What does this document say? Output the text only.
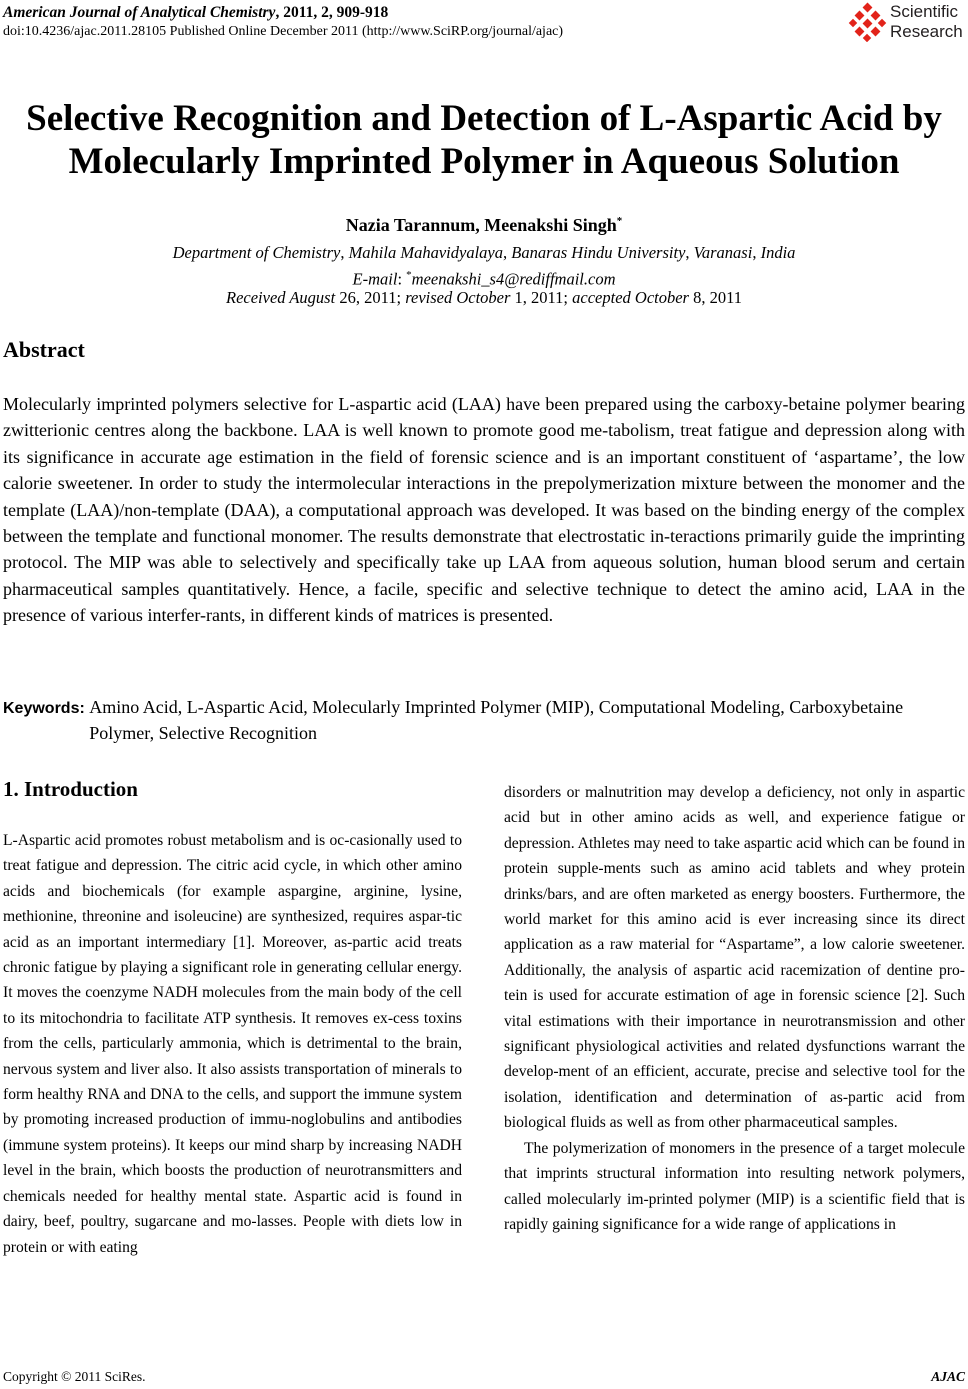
American Journal of Analytical Chemistry, 2011, 2, 909-918
doi:10.4236/ajac.2011.28105 Published Online December 2011 (http://www.SciRP.org/journal/ajac)
Scientific
Research
Selective Recognition and Detection of L-Aspartic Acid by
Molecularly Imprinted Polymer in Aqueous Solution
Nazia Tarannum, Meenakshi Singh*
Department of Chemistry, Mahila Mahavidyalaya, Banaras Hindu University, Varanasi, India
E-mail: *meenakshi_s4@rediffmail.com
Received August 26, 2011; revised October 1, 2011; accepted October 8, 2011
Abstract
Molecularly imprinted polymers selective for L-aspartic acid (LAA) have been prepared using the carboxy-betaine polymer bearing zwitterionic centres along the backbone. LAA is well known to promote good me-tabolism, treat fatigue and depression along with its significance in accurate age estimation in the field of forensic science and is an important constituent of ‘aspartame’, the low calorie sweetener. In order to study the intermolecular interactions in the prepolymerization mixture between the monomer and the template (LAA)/non-template (DAA), a computational approach was developed. It was based on the binding energy of the complex between the template and functional monomer. The results demonstrate that electrostatic in-teractions primarily guide the imprinting protocol. The MIP was able to selectively and specifically take up LAA from aqueous solution, human blood serum and certain pharmaceutical samples quantitatively. Hence, a facile, specific and selective technique to detect the amino acid, LAA in the presence of various interfer-rants, in different kinds of matrices is presented.
Keywords: Amino Acid, L-Aspartic Acid, Molecularly Imprinted Polymer (MIP), Computational Modeling, Carboxybetaine Polymer, Selective Recognition
1. Introduction

L-Aspartic acid promotes robust metabolism and is oc-casionally used to treat fatigue and depression. The citric acid cycle, in which other amino acids and biochemicals (for example aspargine, arginine, lysine, methionine, threonine and isoleucine) are synthesized, requires aspar-tic acid as an important intermediary [1]. Moreover, as-partic acid treats chronic fatigue by playing a significant role in generating cellular energy. It moves the coenzyme NADH molecules from the main body of the cell to its mitochondria to facilitate ATP synthesis. It removes ex-cess toxins from the cells, particularly ammonia, which is detrimental to the brain, nervous system and liver also. It also assists transportation of minerals to form healthy RNA and DNA to the cells, and support the immune system by promoting increased production of immu-noglobulins and antibodies (immune system proteins). It keeps our mind sharp by increasing NADH level in the brain, which boosts the production of neurotransmitters and chemicals needed for healthy mental state. Aspartic acid is found in dairy, beef, poultry, sugarcane and mo-lasses. People with diets low in protein or with eating

disorders or malnutrition may develop a deficiency, not only in aspartic acid but in other amino acids as well, and experience fatigue or depression. Athletes may need to take aspartic acid which can be found in protein supple-ments such as amino acid tablets and whey protein drinks/bars, and are often marketed as energy boosters. Furthermore, the world market for this amino acid is ever increasing since its direct application as a raw material for “Aspartame”, a low calorie sweetener. Additionally, the analysis of aspartic acid racemization of dentine pro-tein is used for accurate estimation of age in forensic science [2]. Such vital estimations with their importance in neurotransmission and other significant physiological activities and related dysfunctions warrant the develop-ment of an efficient, accurate, precise and selective tool for the isolation, identification and determination of as-partic acid from biological fluids as well as from other pharmaceutical samples.

The polymerization of monomers in the presence of a target molecule that imprints structural information into resulting network polymers, called molecularly im-printed polymer (MIP) is a scientific field that is rapidly gaining significance for a wide range of applications in

Copyright © 2011 SciRes.	AJAC
